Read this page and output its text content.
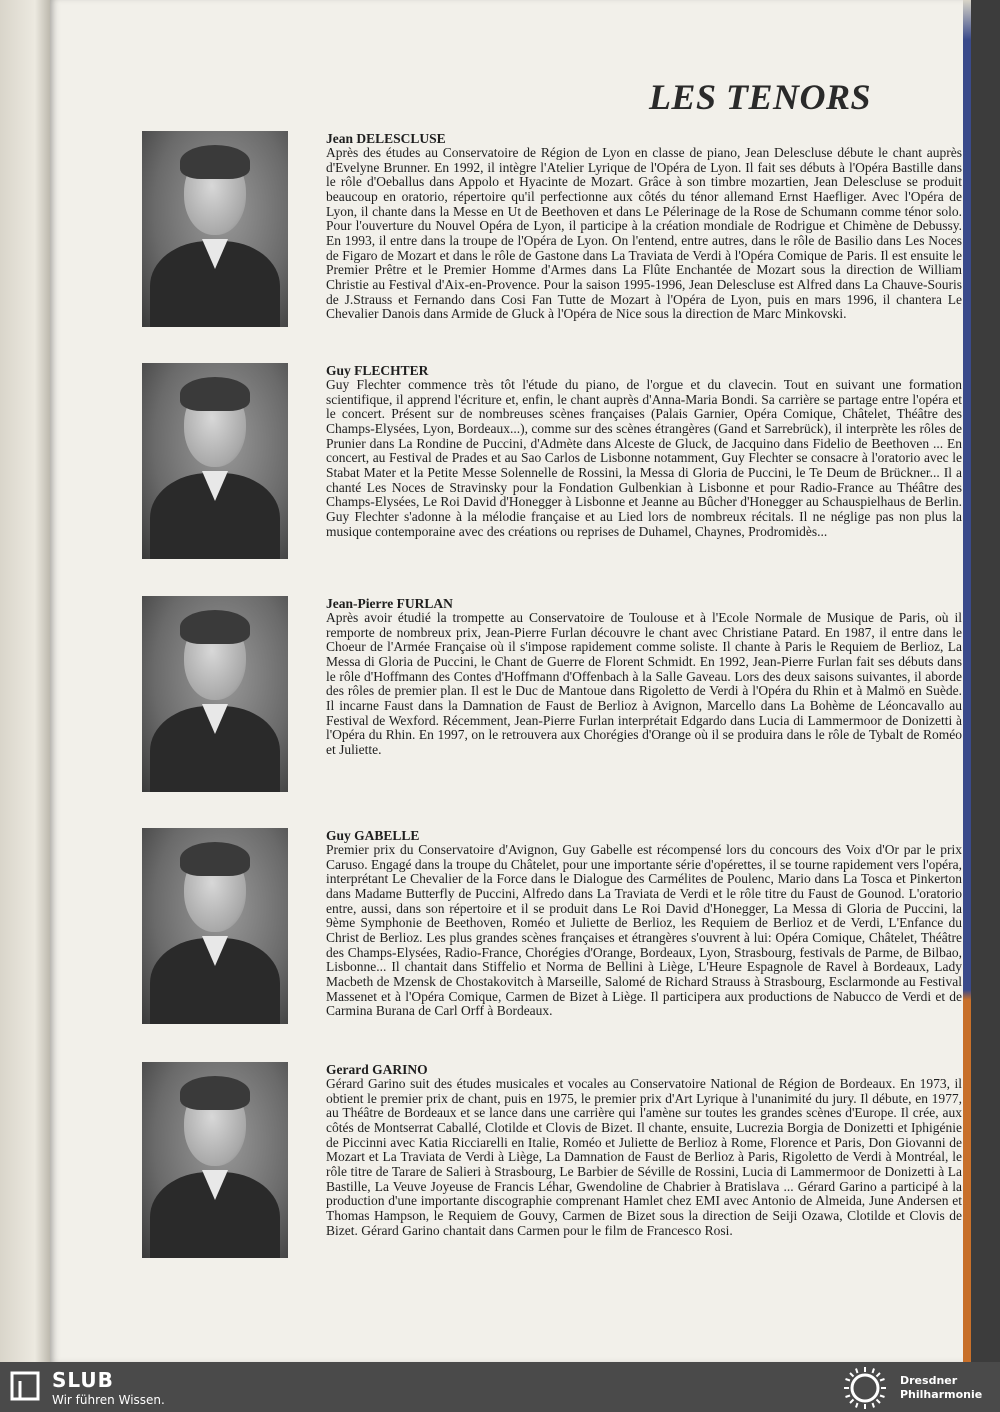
LES TENORS

Jean DELESCLUSE

Après des études au Conservatoire de Région de Lyon en classe de piano, Jean Delescluse débute le chant auprès d'Evelyne Brunner. En 1992, il intègre l'Atelier Lyrique de l'Opéra de Lyon. Il fait ses débuts à l'Opéra Bastille dans le rôle d'Oeballus dans Appolo et Hyacinte de Mozart. Grâce à son timbre mozartien, Jean Delescluse se produit beaucoup en oratorio, répertoire qu'il perfectionne aux côtés du ténor allemand Ernst Haefliger. Avec l'Opéra de Lyon, il chante dans la Messe en Ut de Beethoven et dans Le Pélerinage de la Rose de Schumann comme ténor solo. Pour l'ouverture du Nouvel Opéra de Lyon, il participe à la création mondiale de Rodrigue et Chimène de Debussy. En 1993, il entre dans la troupe de l'Opéra de Lyon. On l'entend, entre autres, dans le rôle de Basilio dans Les Noces de Figaro de Mozart et dans le rôle de Gastone dans La Traviata de Verdi à l'Opéra Comique de Paris. Il est ensuite le Premier Prêtre et le Premier Homme d'Armes dans La Flûte Enchantée de Mozart sous la direction de William Christie au Festival d'Aix-en-Provence. Pour la saison 1995-1996, Jean Delescluse est Alfred dans La Chauve-Souris de J.Strauss et Fernando dans Cosi Fan Tutte de Mozart à l'Opéra de Lyon, puis en mars 1996, il chantera Le Chevalier Danois dans Armide de Gluck à l'Opéra de Nice sous la direction de Marc Minkovski.

Guy FLECHTER

Guy Flechter commence très tôt l'étude du piano, de l'orgue et du clavecin. Tout en suivant une formation scientifique, il apprend l'écriture et, enfin, le chant auprès d'Anna-Maria Bondi. Sa carrière se partage entre l'opéra et le concert. Présent sur de nombreuses scènes françaises (Palais Garnier, Opéra Comique, Châtelet, Théâtre des Champs-Elysées, Lyon, Bordeaux...), comme sur des scènes étrangères (Gand et Sarrebrück), il interprète les rôles de Prunier dans La Rondine de Puccini, d'Admète dans Alceste de Gluck, de Jacquino dans Fidelio de Beethoven ... En concert, au Festival de Prades et au Sao Carlos de Lisbonne notamment, Guy Flechter se consacre à l'oratorio avec le Stabat Mater et la Petite Messe Solennelle de Rossini, la Messa di Gloria de Puccini, le Te Deum de Brückner... Il a chanté Les Noces de Stravinsky pour la Fondation Gulbenkian à Lisbonne et pour Radio-France au Théâtre des Champs-Elysées, Le Roi David d'Honegger à Lisbonne et Jeanne au Bûcher d'Honegger au Schauspielhaus de Berlin. Guy Flechter s'adonne à la mélodie française et au Lied lors de nombreux récitals. Il ne néglige pas non plus la musique contemporaine avec des créations ou reprises de Duhamel, Chaynes, Prodromidès...

Jean-Pierre FURLAN

Après avoir étudié la trompette au Conservatoire de Toulouse et à l'Ecole Normale de Musique de Paris, où il remporte de nombreux prix, Jean-Pierre Furlan découvre le chant avec Christiane Patard. En 1987, il entre dans le Choeur de l'Armée Française où il s'impose rapidement comme soliste. Il chante à Paris le Requiem de Berlioz, La Messa di Gloria de Puccini, le Chant de Guerre de Florent Schmidt. En 1992, Jean-Pierre Furlan fait ses débuts dans le rôle d'Hoffmann des Contes d'Hoffmann d'Offenbach à la Salle Gaveau. Lors des deux saisons suivantes, il aborde des rôles de premier plan. Il est le Duc de Mantoue dans Rigoletto de Verdi à l'Opéra du Rhin et à Malmö en Suède. Il incarne Faust dans la Damnation de Faust de Berlioz à Avignon, Marcello dans La Bohème de Léoncavallo au Festival de Wexford. Récemment, Jean-Pierre Furlan interprétait Edgardo dans Lucia di Lammermoor de Donizetti à l'Opéra du Rhin. En 1997, on le retrouvera aux Chorégies d'Orange où il se produira dans le rôle de Tybalt de Roméo et Juliette.

Guy GABELLE

Premier prix du Conservatoire d'Avignon, Guy Gabelle est récompensé lors du concours des Voix d'Or par le prix Caruso. Engagé dans la troupe du Châtelet, pour une importante série d'opérettes, il se tourne rapidement vers l'opéra, interprétant Le Chevalier de la Force dans le Dialogue des Carmélites de Poulenc, Mario dans La Tosca et Pinkerton dans Madame Butterfly de Puccini, Alfredo dans La Traviata de Verdi et le rôle titre du Faust de Gounod. L'oratorio entre, aussi, dans son répertoire et il se produit dans Le Roi David d'Honegger, La Messa di Gloria de Puccini, la 9ème Symphonie de Beethoven, Roméo et Juliette de Berlioz, les Requiem de Berlioz et de Verdi, L'Enfance du Christ de Berlioz. Les plus grandes scènes françaises et étrangères s'ouvrent à lui: Opéra Comique, Châtelet, Théâtre des Champs-Elysées, Radio-France, Chorégies d'Orange, Bordeaux, Lyon, Strasbourg, festivals de Parme, de Bilbao, Lisbonne... Il chantait dans Stiffelio et Norma de Bellini à Liège, L'Heure Espagnole de Ravel à Bordeaux, Lady Macbeth de Mzensk de Chostakovitch à Marseille, Salomé de Richard Strauss à Strasbourg, Esclarmonde au Festival Massenet et à l'Opéra Comique, Carmen de Bizet à Liège. Il participera aux productions de Nabucco de Verdi et de Carmina Burana de Carl Orff à Bordeaux.

Gerard GARINO

Gérard Garino suit des études musicales et vocales au Conservatoire National de Région de Bordeaux. En 1973, il obtient le premier prix de chant, puis en 1975, le premier prix d'Art Lyrique à l'unanimité du jury. Il débute, en 1977, au Théâtre de Bordeaux et se lance dans une carrière qui l'amène sur toutes les grandes scènes d'Europe. Il crée, aux côtés de Montserrat Caballé, Clotilde et Clovis de Bizet. Il chante, ensuite, Lucrezia Borgia de Donizetti et Iphigénie de Piccinni avec Katia Ricciarelli en Italie, Roméo et Juliette de Berlioz à Rome, Florence et Paris, Don Giovanni de Mozart et La Traviata de Verdi à Liège, La Damnation de Faust de Berlioz à Paris, Rigoletto de Verdi à Montréal, le rôle titre de Tarare de Salieri à Strasbourg, Le Barbier de Séville de Rossini, Lucia di Lammermoor de Donizetti à La Bastille, La Veuve Joyeuse de Francis Léhar, Gwendoline de Chabrier à Bratislava ... Gérard Garino a participé à la production d'une importante discographie comprenant Hamlet chez EMI avec Antonio de Almeida, June Andersen et Thomas Hampson, le Requiem de Gouvy, Carmen de Bizet sous la direction de Seiji Ozawa, Clotilde et Clovis de Bizet. Gérard Garino chantait dans Carmen pour le film de Francesco Rosi.

SLUB
Wir führen Wissen.
Dresdner
Philharmonie
